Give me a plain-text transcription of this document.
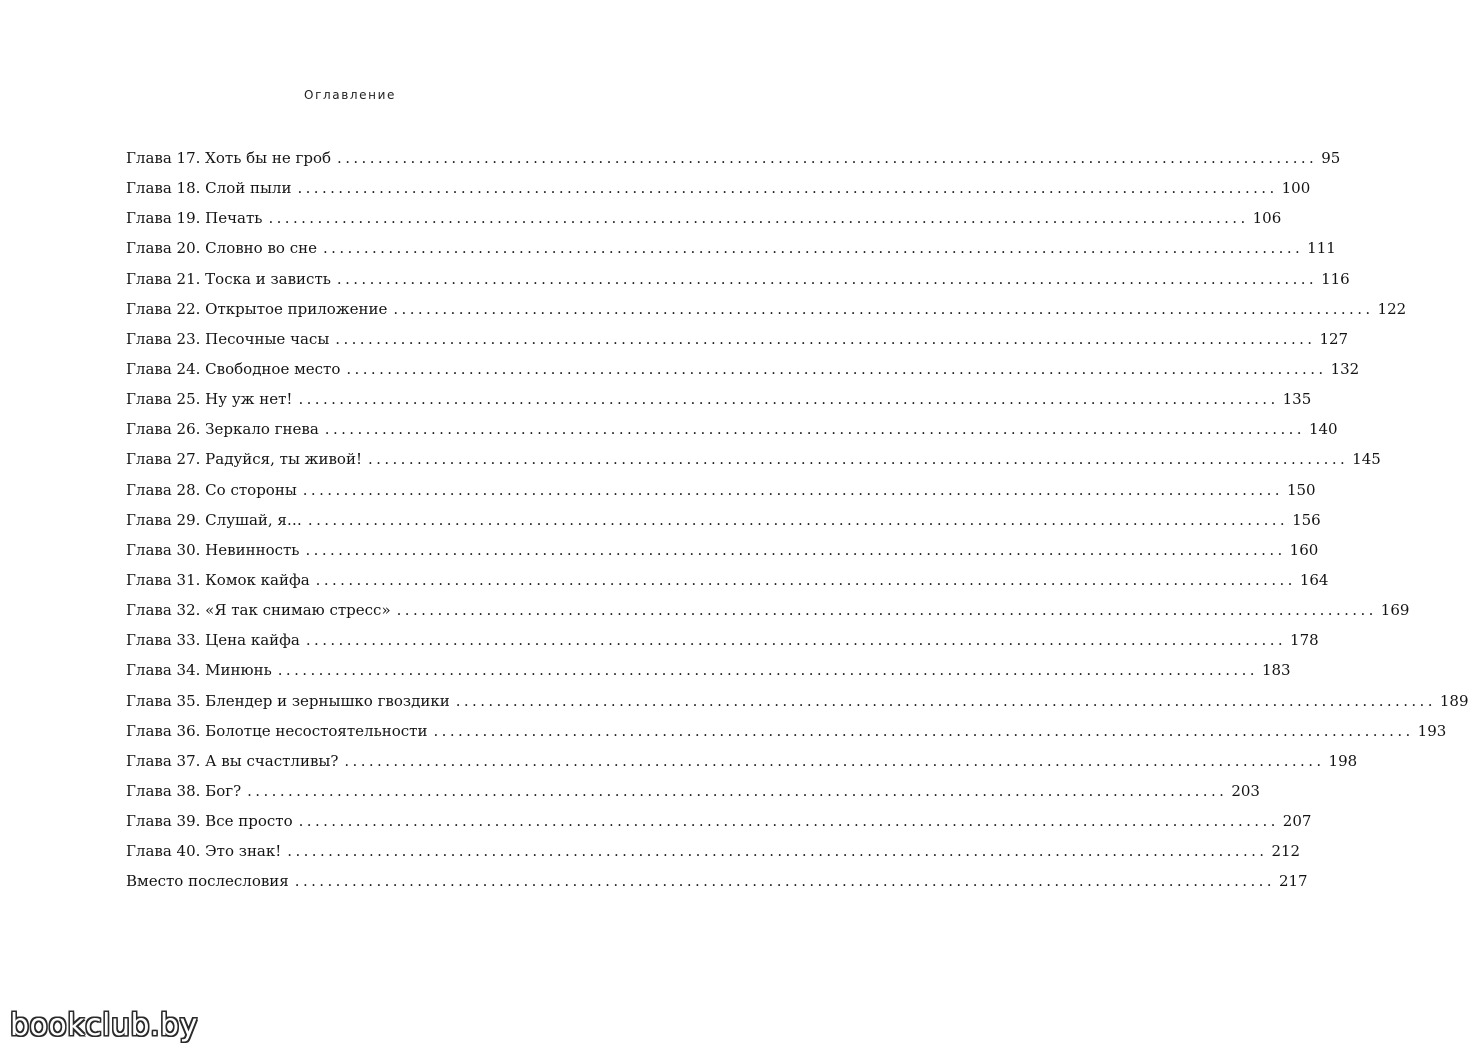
Оглавление
Глава 17. Хоть бы не гроб ........................................................................................................................ 95
Глава 18. Слой пыли ........................................................................................................................ 100
Глава 19. Печать ........................................................................................................................ 106
Глава 20. Словно во сне ........................................................................................................................ 111
Глава 21. Тоска и зависть ........................................................................................................................ 116
Глава 22. Открытое приложение ........................................................................................................................ 122
Глава 23. Песочные часы ........................................................................................................................ 127
Глава 24. Свободное место ........................................................................................................................ 132
Глава 25. Ну уж нет! ........................................................................................................................ 135
Глава 26. Зеркало гнева ........................................................................................................................ 140
Глава 27. Радуйся, ты живой! ........................................................................................................................ 145
Глава 28. Со стороны ........................................................................................................................ 150
Глава 29. Слушай, я… ........................................................................................................................ 156
Глава 30. Невинность ........................................................................................................................ 160
Глава 31. Комок кайфа ........................................................................................................................ 164
Глава 32. «Я так снимаю стресс» ........................................................................................................................ 169
Глава 33. Цена кайфа ........................................................................................................................ 178
Глава 34. Минюнь ........................................................................................................................ 183
Глава 35. Блендер и зернышко гвоздики ........................................................................................................................ 189
Глава 36. Болотце несостоятельности ........................................................................................................................ 193
Глава 37. А вы счастливы? ........................................................................................................................ 198
Глава 38. Бог? ........................................................................................................................ 203
Глава 39. Все просто ........................................................................................................................ 207
Глава 40. Это знак! ........................................................................................................................ 212
Вместо послесловия ........................................................................................................................ 217
bookclub.by
